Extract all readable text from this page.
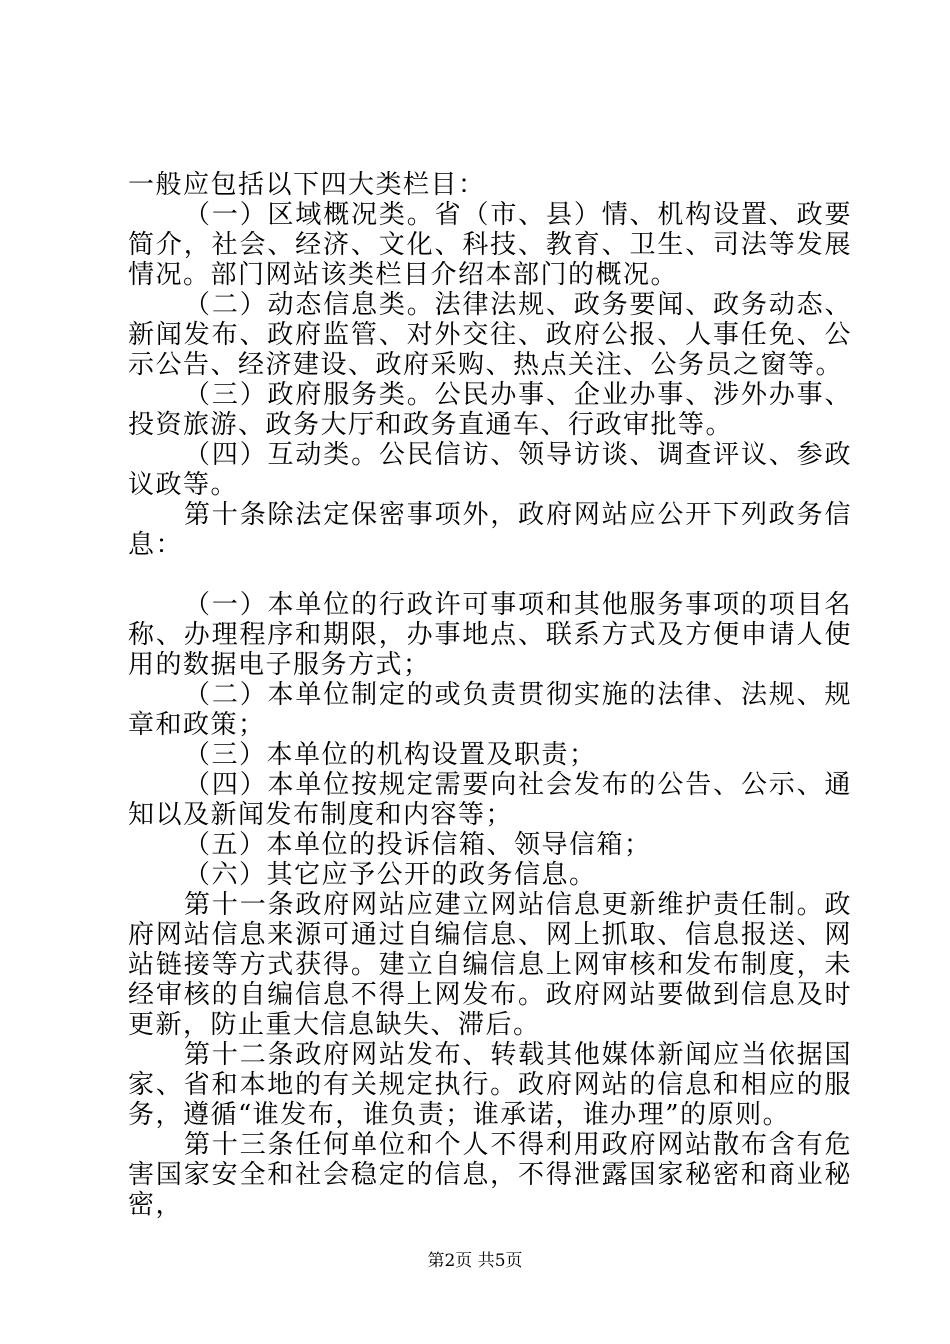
一般应包括以下四大类栏目：

（一）区域概况类。省（市、县）情、机构设置、政要简介，社会、经济、文化、科技、教育、卫生、司法等发展情况。部门网站该类栏目介绍本部门的概况。

（二）动态信息类。法律法规、政务要闻、政务动态、新闻发布、政府监管、对外交往、政府公报、人事任免、公示公告、经济建设、政府采购、热点关注、公务员之窗等。

（三）政府服务类。公民办事、企业办事、涉外办事、投资旅游、政务大厅和政务直通车、行政审批等。

（四）互动类。公民信访、领导访谈、调查评议、参政议政等。

第十条除法定保密事项外，政府网站应公开下列政务信息：

（一）本单位的行政许可事项和其他服务事项的项目名称、办理程序和期限，办事地点、联系方式及方便申请人使用的数据电子服务方式；

（二）本单位制定的或负责贯彻实施的法律、法规、规章和政策；

（三）本单位的机构设置及职责；

（四）本单位按规定需要向社会发布的公告、公示、通知以及新闻发布制度和内容等；

（五）本单位的投诉信箱、领导信箱；

（六）其它应予公开的政务信息。

第十一条政府网站应建立网站信息更新维护责任制。政府网站信息来源可通过自编信息、网上抓取、信息报送、网站链接等方式获得。建立自编信息上网审核和发布制度，未经审核的自编信息不得上网发布。政府网站要做到信息及时更新，防止重大信息缺失、滞后。

第十二条政府网站发布、转载其他媒体新闻应当依据国家、省和本地的有关规定执行。政府网站的信息和相应的服务，遵循“谁发布，谁负责；谁承诺，谁办理”的原则。

第十三条任何单位和个人不得利用政府网站散布含有危害国家安全和社会稳定的信息，不得泄露国家秘密和商业秘密，

第2页 共5页
